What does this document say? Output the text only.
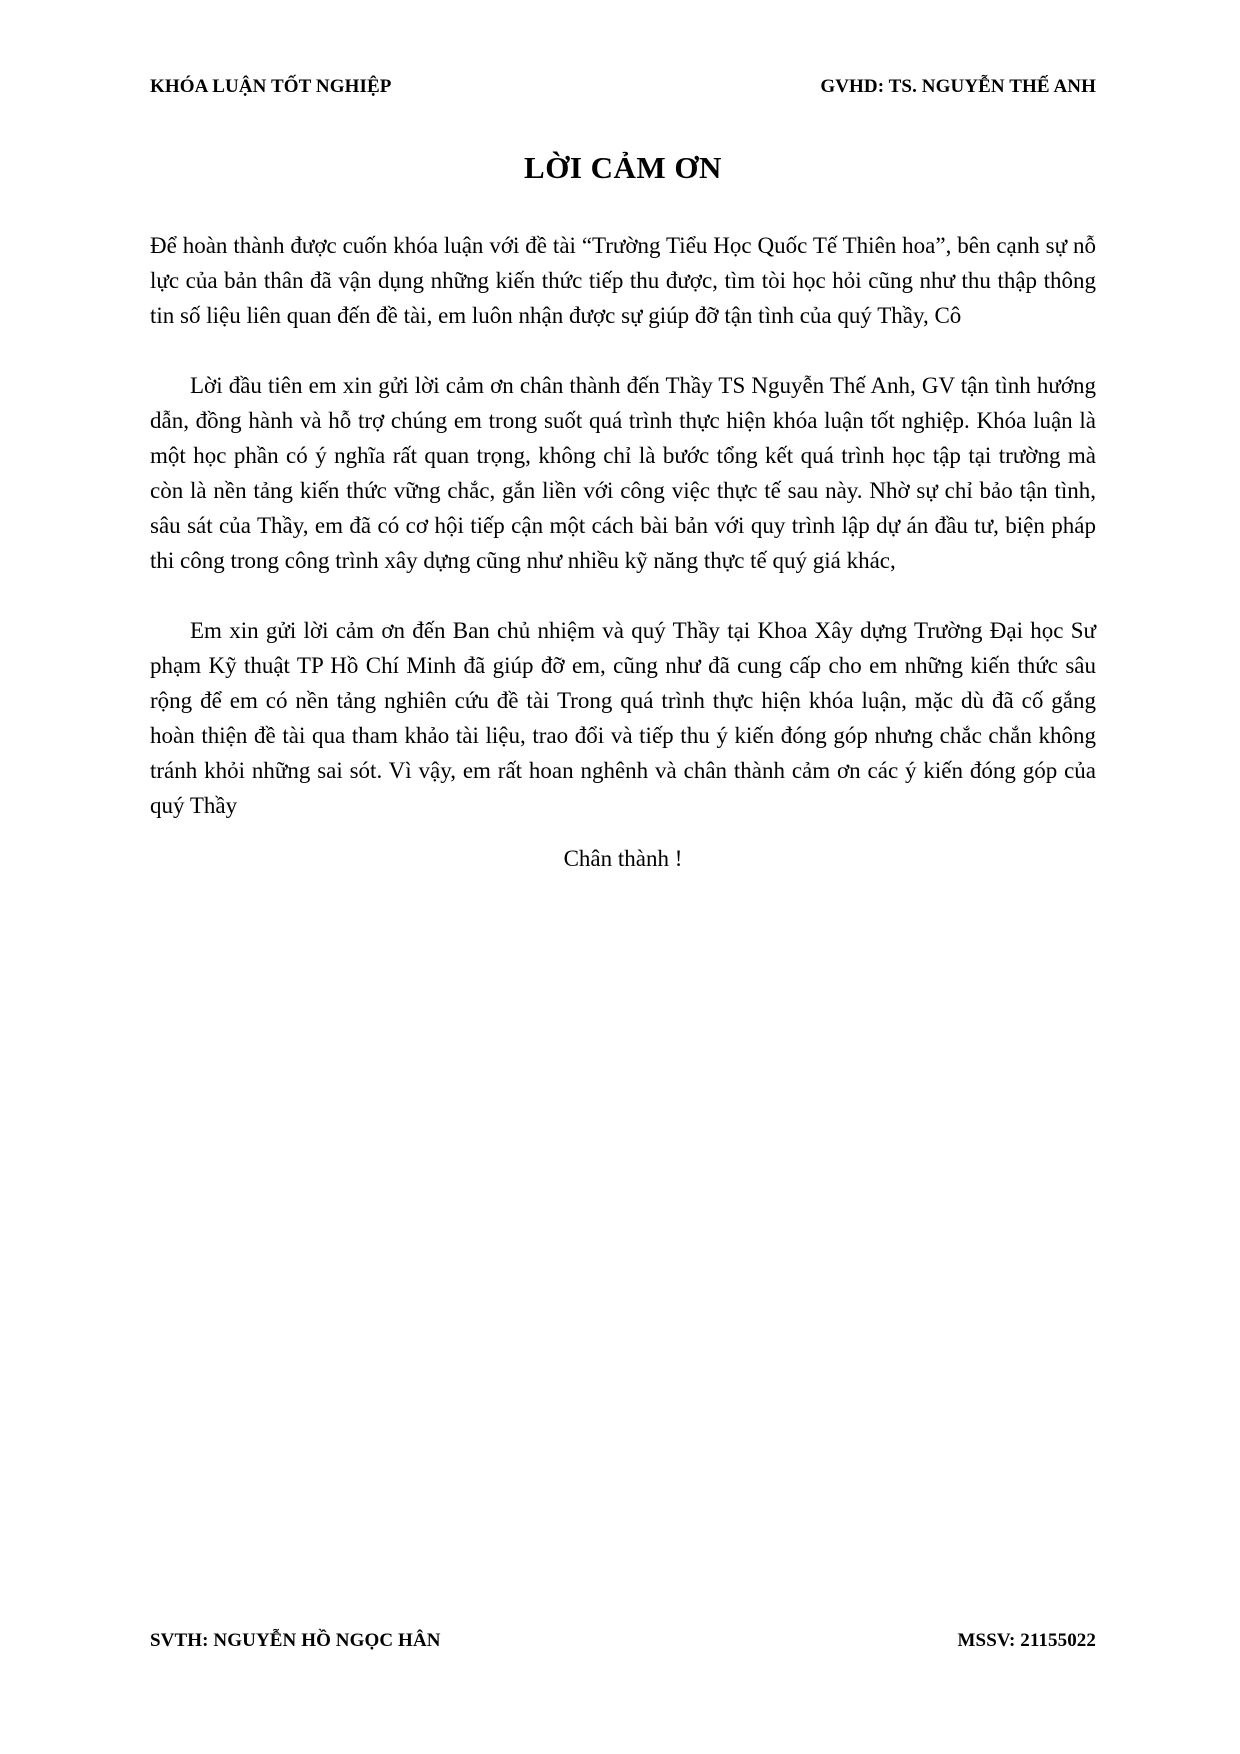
KHÓA LUẬN TỐT NGHIỆP	GVHD: TS. NGUYỄN THẾ ANH
LỜI CẢM ƠN

Để hoàn thành được cuốn khóa luận với đề tài “Trường Tiểu Học Quốc Tế Thiên hoa”, bên cạnh sự nỗ lực của bản thân đã vận dụng những kiến thức tiếp thu được, tìm tòi học hỏi cũng như thu thập thông tin số liệu liên quan đến đề tài, em luôn nhận được sự giúp đỡ tận tình của quý Thầy, Cô

Lời đầu tiên em xin gửi lời cảm ơn chân thành đến Thầy TS Nguyễn Thế Anh, GV tận tình hướng dẫn, đồng hành và hỗ trợ chúng em trong suốt quá trình thực hiện khóa luận tốt nghiệp. Khóa luận là một học phần có ý nghĩa rất quan trọng, không chỉ là bước tổng kết quá trình học tập tại trường mà còn là nền tảng kiến thức vững chắc, gắn liền với công việc thực tế sau này. Nhờ sự chỉ bảo tận tình, sâu sát của Thầy, em đã có cơ hội tiếp cận một cách bài bản với quy trình lập dự án đầu tư, biện pháp thi công trong công trình xây dựng cũng như nhiều kỹ năng thực tế quý giá khác,

Em xin gửi lời cảm ơn đến Ban chủ nhiệm và quý Thầy tại Khoa Xây dựng Trường Đại học Sư phạm Kỹ thuật TP Hồ Chí Minh đã giúp đỡ em, cũng như đã cung cấp cho em những kiến thức sâu rộng để em có nền tảng nghiên cứu đề tài Trong quá trình thực hiện khóa luận, mặc dù đã cố gắng hoàn thiện đề tài qua tham khảo tài liệu, trao đổi và tiếp thu ý kiến đóng góp nhưng chắc chắn không tránh khỏi những sai sót. Vì vậy, em rất hoan nghênh và chân thành cảm ơn các ý kiến đóng góp của quý Thầy

Chân thành !

SVTH: NGUYỄN HỒ NGỌC HÂN	MSSV: 21155022
